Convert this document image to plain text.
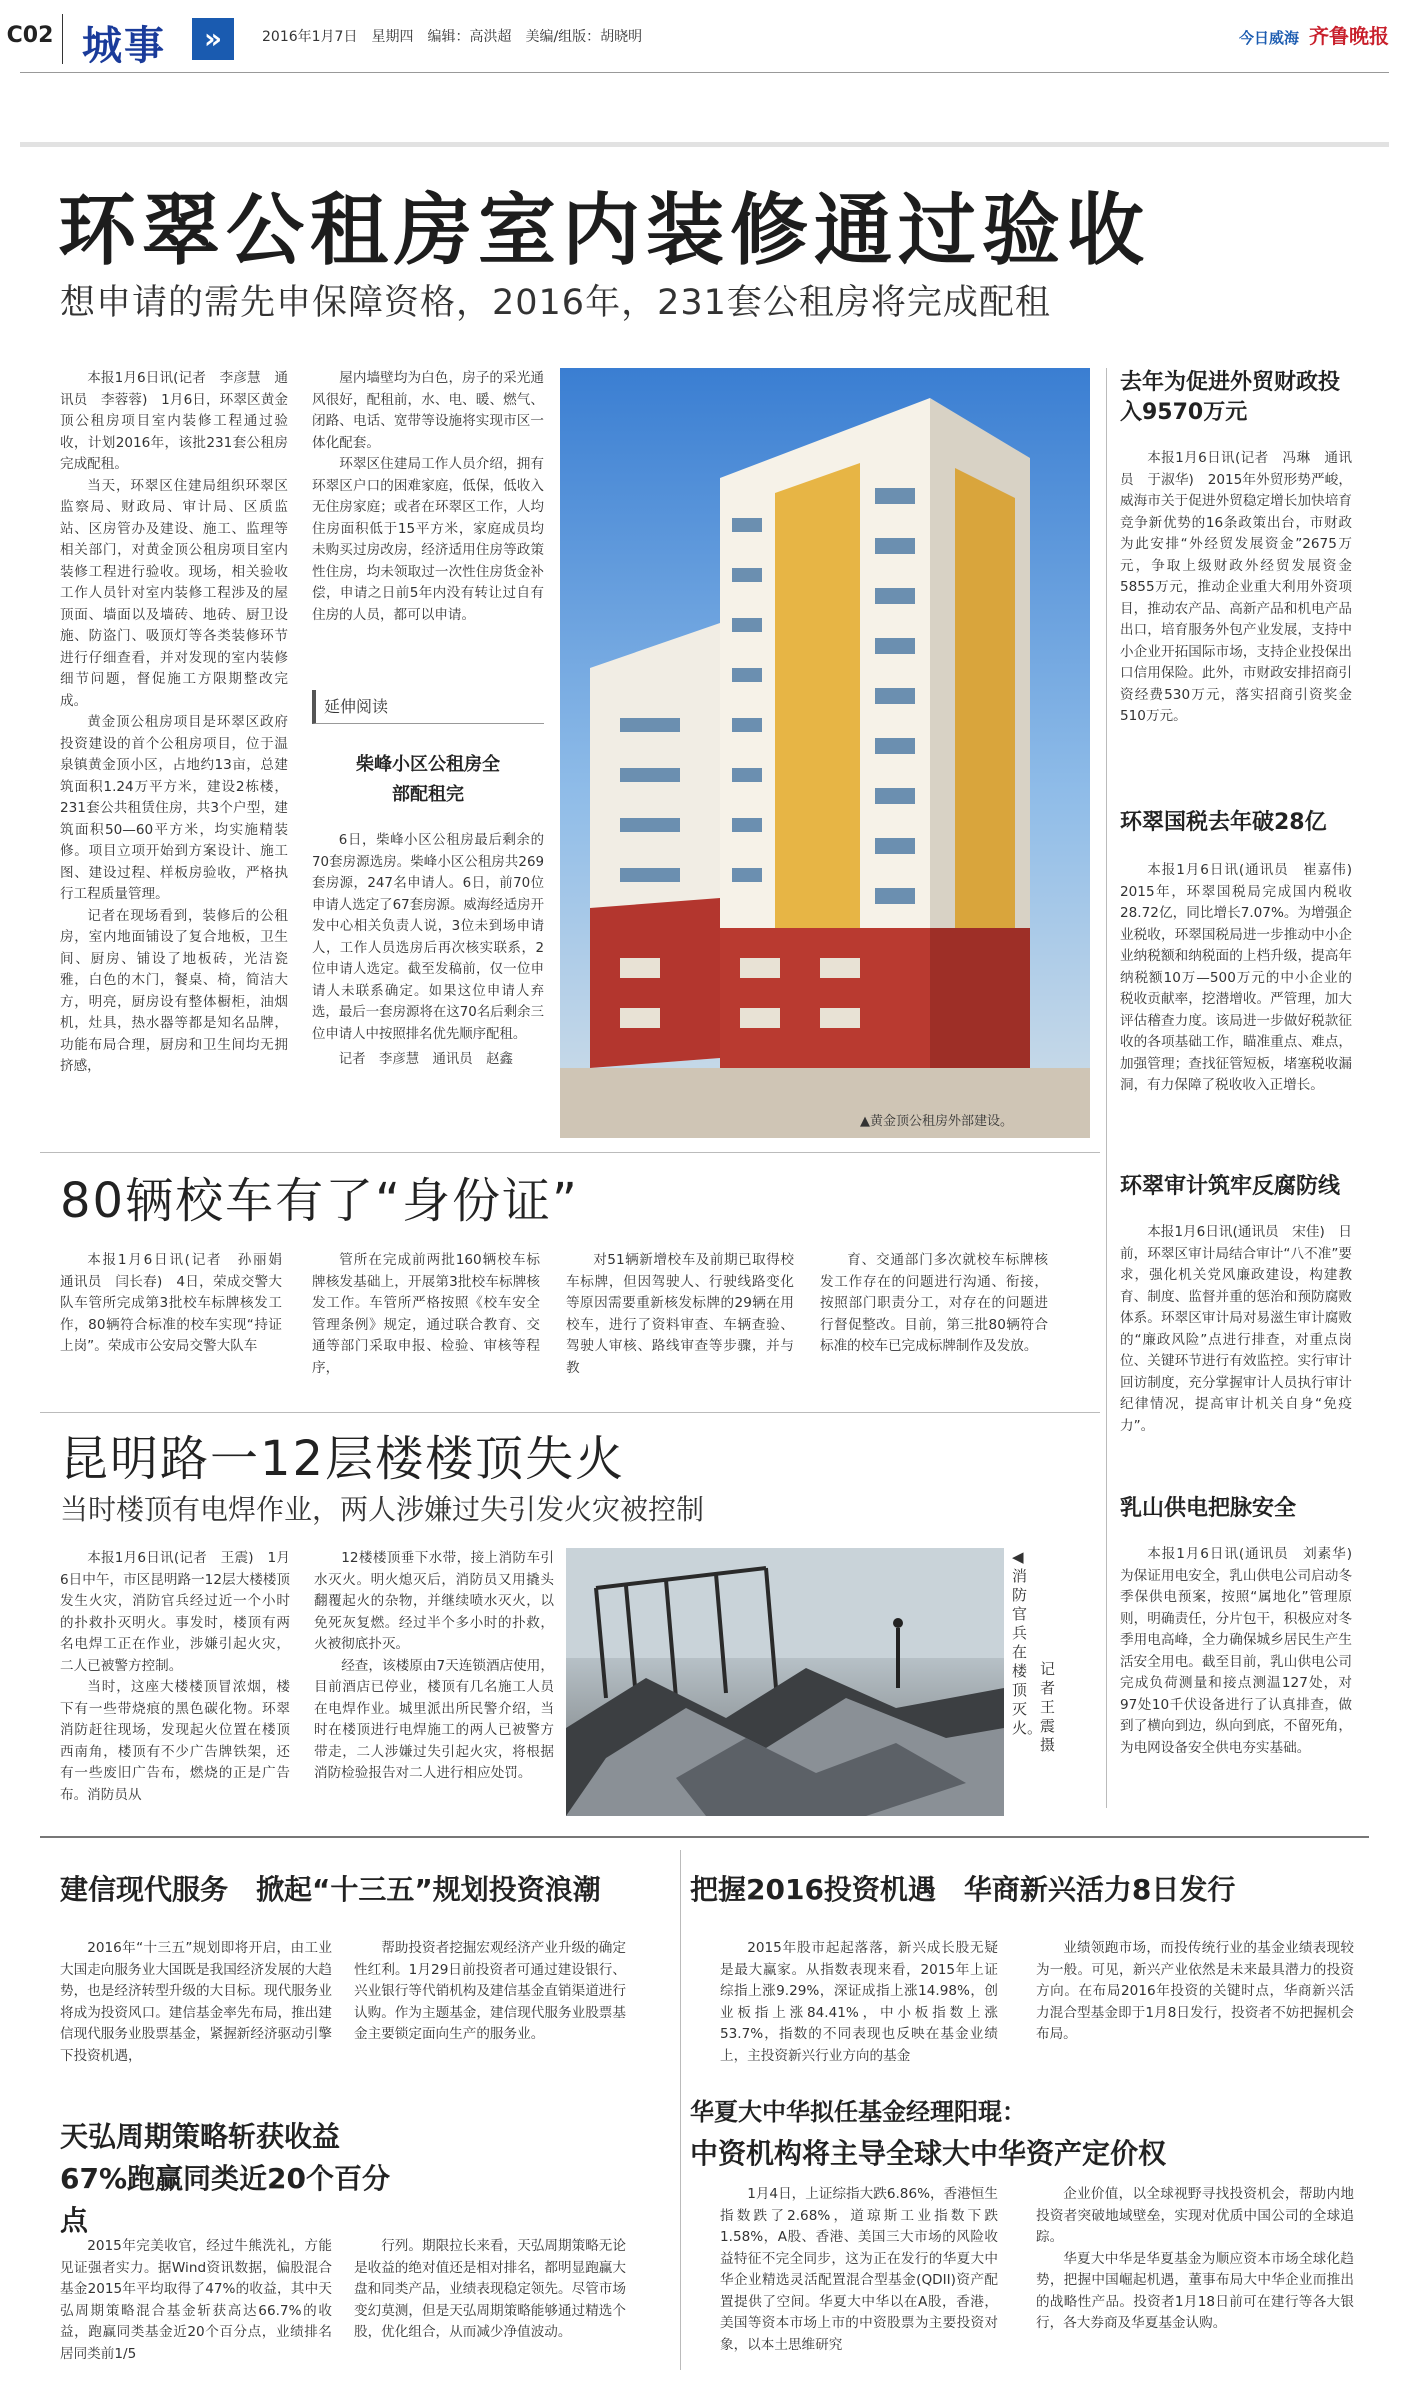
C02 城事	»	2016年1月7日　星期四　编辑：高洪超　美编/组版：胡晓明	今日威海 齐鲁晚报
环翠公租房室内装修通过验收
想申请的需先申保障资格，2016年，231套公租房将完成配租

本报1月6日讯(记者　李彦慧　通讯员　李蓉蓉)　1月6日，环翠区黄金顶公租房项目室内装修工程通过验收，计划2016年，该批231套公租房完成配租。

当天，环翠区住建局组织环翠区监察局、财政局、审计局、区质监站、区房管办及建设、施工、监理等相关部门，对黄金顶公租房项目室内装修工程进行验收。现场，相关验收工作人员针对室内装修工程涉及的屋顶面、墙面以及墙砖、地砖、厨卫设施、防盗门、吸顶灯等各类装修环节进行仔细查看，并对发现的室内装修细节问题，督促施工方限期整改完成。

黄金顶公租房项目是环翠区政府投资建设的首个公租房项目，位于温泉镇黄金顶小区，占地约13亩，总建筑面积1.24万平方米，建设2栋楼，231套公共租赁住房，共3个户型，建筑面积50—60平方米，均实施精装修。项目立项开始到方案设计、施工图、建设过程、样板房验收，严格执行工程质量管理。

记者在现场看到，装修后的公租房，室内地面铺设了复合地板，卫生间、厨房、铺设了地板砖，光洁瓷雅，白色的木门，餐桌、椅，简洁大方，明亮，厨房设有整体橱柜，油烟机，灶具，热水器等都是知名品牌，功能布局合理，厨房和卫生间均无拥挤感，

屋内墙壁均为白色，房子的采光通风很好，配租前，水、电、暖、燃气、闭路、电话、宽带等设施将实现市区一体化配套。

环翠区住建局工作人员介绍，拥有环翠区户口的困难家庭，低保，低收入无住房家庭；或者在环翠区工作，人均住房面积低于15平方米，家庭成员均未购买过房改房，经济适用住房等政策性住房，均未领取过一次性住房货金补偿，申请之日前5年内没有转让过自有住房的人员，都可以申请。

延伸阅读
柴峰小区公租房全部配租完

6日，柴峰小区公租房最后剩余的70套房源选房。柴峰小区公租房共269套房源，247名申请人。6日，前70位申请人选定了67套房源。威海经适房开发中心相关负责人说，3位未到场申请人，工作人员选房后再次核实联系，2位申请人选定。截至发稿前，仅一位申请人未联系确定。如果这位申请人弃选，最后一套房源将在这70名后剩余三位申请人中按照排名优先顺序配租。

记者　李彦慧　通讯员　赵鑫

▲黄金顶公租房外部建设。
去年为促进外贸财政投入9570万元

本报1月6日讯(记者　冯琳　通讯员　于淑华)　2015年外贸形势严峻，威海市关于促进外贸稳定增长加快培育竞争新优势的16条政策出台，市财政为此安排“外经贸发展资金”2675万元，争取上级财政外经贸发展资金5855万元，推动企业重大利用外资项目，推动农产品、高新产品和机电产品出口，培育服务外包产业发展，支持中小企业开拓国际市场，支持企业投保出口信用保险。此外，市财政安排招商引资经费530万元，落实招商引资奖金510万元。

环翠国税去年破28亿

本报1月6日讯(通讯员　崔嘉伟)　2015年，环翠国税局完成国内税收28.72亿，同比增长7.07%。为增强企业税收，环翠国税局进一步推动中小企业纳税额和纳税面的上档升级，提高年纳税额10万—500万元的中小企业的税收贡献率，挖潜增收。严管理，加大评估稽查力度。该局进一步做好税款征收的各项基础工作，瞄准重点、难点，加强管理；查找征管短板，堵塞税收漏洞，有力保障了税收收入正增长。

环翠审计筑牢反腐防线

本报1月6日讯(通讯员　宋佳)　日前，环翠区审计局结合审计“八不准”要求，强化机关党风廉政建设，构建教育、制度、监督并重的惩治和预防腐败体系。环翠区审计局对易滋生审计腐败的“廉政风险”点进行排查，对重点岗位、关键环节进行有效监控。实行审计回访制度，充分掌握审计人员执行审计纪律情况，提高审计机关自身“免疫力”。

乳山供电把脉安全

本报1月6日讯(通讯员　刘素华)　为保证用电安全，乳山供电公司启动冬季保供电预案，按照“属地化”管理原则，明确责任，分片包干，积极应对冬季用电高峰，全力确保城乡居民生产生活安全用电。截至目前，乳山供电公司完成负荷测量和接点测温127处，对97处10千伏设备进行了认真排查，做到了横向到边，纵向到底，不留死角，为电网设备安全供电夯实基础。

80辆校车有了“身份证”

本报1月6日讯(记者　孙丽娟　通讯员　闫长春)　4日，荣成交警大队车管所完成第3批校车标牌核发工作，80辆符合标准的校车实现“持证上岗”。荣成市公安局交警大队车

管所在完成前两批160辆校车标牌核发基础上，开展第3批校车标牌核发工作。车管所严格按照《校车安全管理条例》规定，通过联合教育、交通等部门采取申报、检验、审核等程序，

对51辆新增校车及前期已取得校车标牌，但因驾驶人、行驶线路变化等原因需要重新核发标牌的29辆在用校车，进行了资料审查、车辆查验、驾驶人审核、路线审查等步骤，并与教

育、交通部门多次就校车标牌核发工作存在的问题进行沟通、衔接，按照部门职责分工，对存在的问题进行督促整改。目前，第三批80辆符合标准的校车已完成标牌制作及发放。

昆明路一12层楼楼顶失火
当时楼顶有电焊作业，两人涉嫌过失引发火灾被控制

本报1月6日讯(记者　王震)　1月6日中午，市区昆明路一12层大楼楼顶发生火灾，消防官兵经过近一个小时的扑救扑灭明火。事发时，楼顶有两名电焊工正在作业，涉嫌引起火灾，二人已被警方控制。

当时，这座大楼楼顶冒浓烟，楼下有一些带烧痕的黑色碳化物。环翠消防赶往现场，发现起火位置在楼顶西南角，楼顶有不少广告牌铁架，还有一些废旧广告布，燃烧的正是广告布。消防员从

12楼楼顶垂下水带，接上消防车引水灭火。明火熄灭后，消防员又用撬头翻覆起火的杂物，并继续喷水灭火，以免死灰复燃。经过半个多小时的扑救，火被彻底扑灭。

经查，该楼原由7天连锁酒店使用，目前酒店已停业，楼顶有几名施工人员在电焊作业。城里派出所民警介绍，当时在楼顶进行电焊施工的两人已被警方带走，二人涉嫌过失引起火灾，将根据消防检验报告对二人进行相应处罚。

◀消防官兵在楼顶灭火。
记者　王震　摄
建信现代服务　掀起“十三五”规划投资浪潮

2016年“十三五”规划即将开启，由工业大国走向服务业大国既是我国经济发展的大趋势，也是经济转型升级的大目标。现代服务业将成为投资风口。建信基金率先布局，推出建信现代服务业股票基金，紧握新经济驱动引擎下投资机遇，

帮助投资者挖掘宏观经济产业升级的确定性红利。1月29日前投资者可通过建设银行、兴业银行等代销机构及建信基金直销渠道进行认购。作为主题基金，建信现代服务业股票基金主要锁定面向生产的服务业。

天弘周期策略斩获收益67%跑赢同类近20个百分点

2015年完美收官，经过牛熊洗礼，方能见证强者实力。据Wind资讯数据，偏股混合基金2015年平均取得了47%的收益，其中天弘周期策略混合基金斩获高达66.7%的收益，跑赢同类基金近20个百分点，业绩排名居同类前1/5

行列。期限拉长来看，天弘周期策略无论是收益的绝对值还是相对排名，都明显跑赢大盘和同类产品，业绩表现稳定领先。尽管市场变幻莫测，但是天弘周期策略能够通过精选个股，优化组合，从而减少净值波动。

把握2016投资机遇　华商新兴活力8日发行

2015年股市起起落落，新兴成长股无疑是最大赢家。从指数表现来看，2015年上证综指上涨9.29%，深证成指上涨14.98%，创业板指上涨84.41%，中小板指数上涨53.7%，指数的不同表现也反映在基金业绩上，主投资新兴行业方向的基金

业绩领跑市场，而投传统行业的基金业绩表现较为一般。可见，新兴产业依然是未来最具潜力的投资方向。在布局2016年投资的关键时点，华商新兴活力混合型基金即于1月8日发行，投资者不妨把握机会布局。

华夏大中华拟任基金经理阳琨：
中资机构将主导全球大中华资产定价权

1月4日，上证综指大跌6.86%，香港恒生指数跌了2.68%，道琼斯工业指数下跌1.58%，A股、香港、美国三大市场的风险收益特征不完全同步，这为正在发行的华夏大中华企业精选灵活配置混合型基金(QDII)资产配置提供了空间。华夏大中华以在A股，香港，美国等资本市场上市的中资股票为主要投资对象，以本土思维研究

企业价值，以全球视野寻找投资机会，帮助内地投资者突破地域壁垒，实现对优质中国公司的全球追踪。

华夏大中华是华夏基金为顺应资本市场全球化趋势，把握中国崛起机遇，董事布局大中华企业而推出的战略性产品。投资者1月18日前可在建行等各大银行，各大券商及华夏基金认购。
